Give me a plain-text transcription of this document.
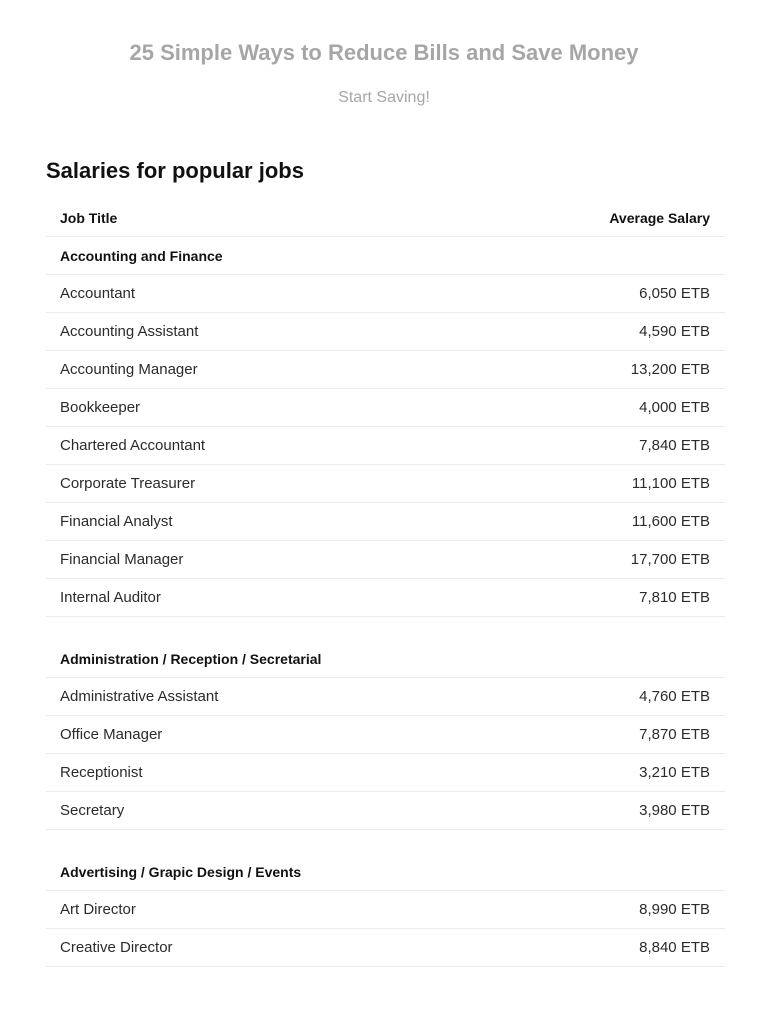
25 Simple Ways to Reduce Bills and Save Money
Start Saving!
Salaries for popular jobs
Job Title	Average Salary
Accounting and Finance
Accountant	6,050 ETB
Accounting Assistant	4,590 ETB
Accounting Manager	13,200 ETB
Bookkeeper	4,000 ETB
Chartered Accountant	7,840 ETB
Corporate Treasurer	11,100 ETB
Financial Analyst	11,600 ETB
Financial Manager	17,700 ETB
Internal Auditor	7,810 ETB
Administration / Reception / Secretarial
Administrative Assistant	4,760 ETB
Office Manager	7,870 ETB
Receptionist	3,210 ETB
Secretary	3,980 ETB
Advertising / Grapic Design / Events
Art Director	8,990 ETB
Creative Director	8,840 ETB
